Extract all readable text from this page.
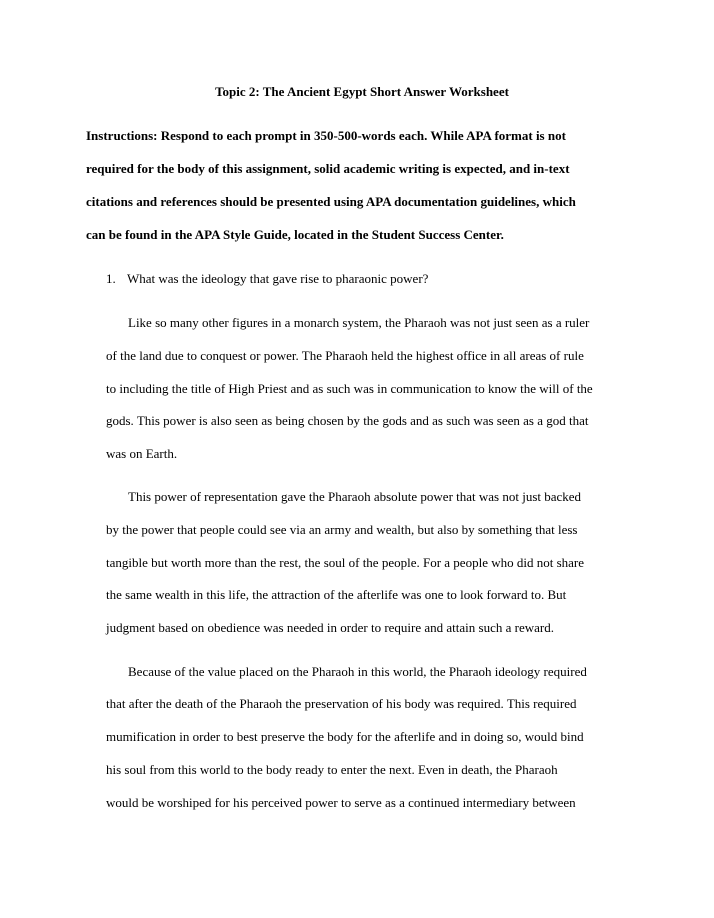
Topic 2: The Ancient Egypt Short Answer Worksheet
Instructions: Respond to each prompt in 350-500-words each. While APA format is not
required for the body of this assignment, solid academic writing is expected, and in-text
citations and references should be presented using APA documentation guidelines, which
can be found in the APA Style Guide, located in the Student Success Center.
1. What was the ideology that gave rise to pharaonic power?
Like so many other figures in a monarch system, the Pharaoh was not just seen as a ruler
of the land due to conquest or power. The Pharaoh held the highest office in all areas of rule
to including the title of High Priest and as such was in communication to know the will of the
gods. This power is also seen as being chosen by the gods and as such was seen as a god that
was on Earth.
This power of representation gave the Pharaoh absolute power that was not just backed
by the power that people could see via an army and wealth, but also by something that less
tangible but worth more than the rest, the soul of the people. For a people who did not share
the same wealth in this life, the attraction of the afterlife was one to look forward to. But
judgment based on obedience was needed in order to require and attain such a reward.
Because of the value placed on the Pharaoh in this world, the Pharaoh ideology required
that after the death of the Pharaoh the preservation of his body was required. This required
mumification in order to best preserve the body for the afterlife and in doing so, would bind
his soul from this world to the body ready to enter the next. Even in death, the Pharaoh
would be worshiped for his perceived power to serve as a continued intermediary between
